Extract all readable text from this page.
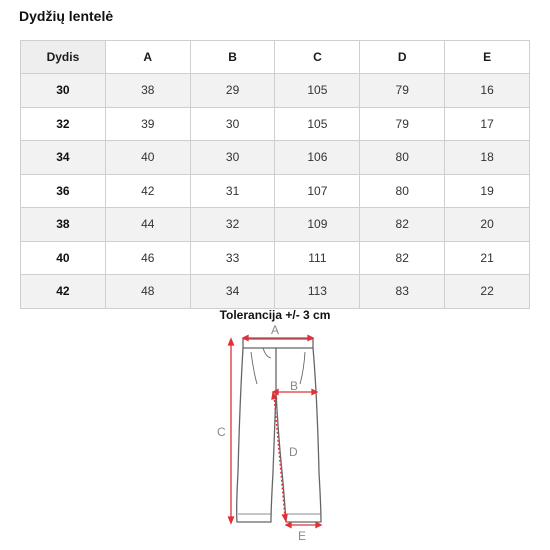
Dydžių lentelė
Dydis	A	B	C	D	E
30	38	29	105	79	16
32	39	30	105	79	17
34	40	30	106	80	18
36	42	31	107	80	19
38	44	32	109	82	20
40	46	33	111	82	21
42	48	34	113	83	22
Tolerancija +/- 3 cm
A
B
C
D
E
